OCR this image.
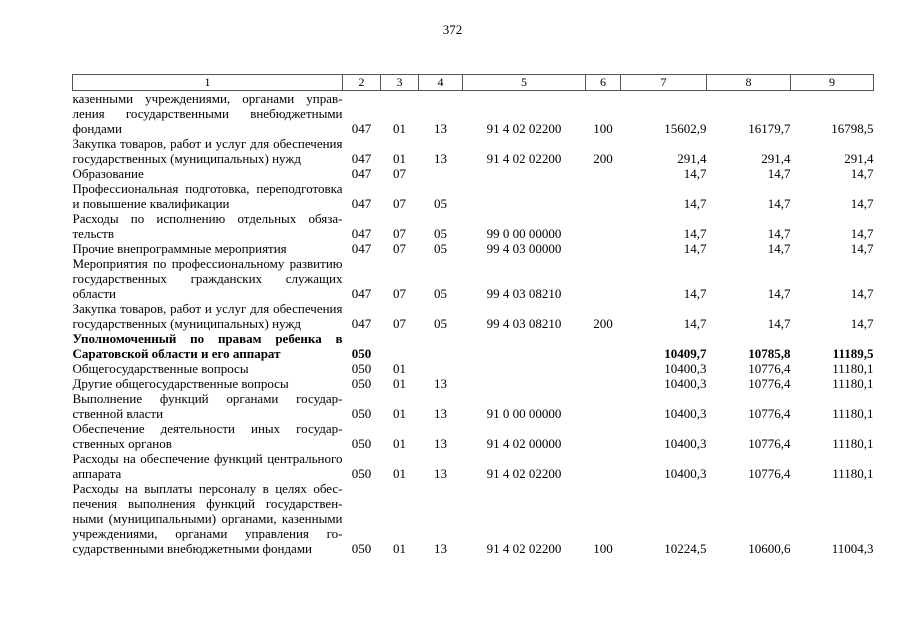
372
1	2	3	4	5	6	7	8	9
казенными учреждениями, органами управления государственными внебюджетными фондами	047	01	13	91 4 02 02200	100	15602,9	16179,7	16798,5
Закупка товаров, работ и услуг для обеспечения государственных (муниципальных) нужд	047	01	13	91 4 02 02200	200	291,4	291,4	291,4
Образование	047	07				14,7	14,7	14,7
Профессиональная подготовка, переподготовка и повышение квалификации	047	07	05			14,7	14,7	14,7
Расходы по исполнению отдельных обязательств	047	07	05	99 0 00 00000		14,7	14,7	14,7
Прочие внепрограммные мероприятия	047	07	05	99 4 03 00000		14,7	14,7	14,7
Мероприятия по профессиональному развитию государственных гражданских служащих области	047	07	05	99 4 03 08210		14,7	14,7	14,7
Закупка товаров, работ и услуг для обеспечения государственных (муниципальных) нужд	047	07	05	99 4 03 08210	200	14,7	14,7	14,7
Уполномоченный по правам ребенка в Саратовской области и его аппарат	050					10409,7	10785,8	11189,5
Общегосударственные вопросы	050	01				10400,3	10776,4	11180,1
Другие общегосударственные вопросы	050	01	13			10400,3	10776,4	11180,1
Выполнение функций органами государственной власти	050	01	13	91 0 00 00000		10400,3	10776,4	11180,1
Обеспечение деятельности иных государственных органов	050	01	13	91 4 02 00000		10400,3	10776,4	11180,1
Расходы на обеспечение функций центрального аппарата	050	01	13	91 4 02 02200		10400,3	10776,4	11180,1
Расходы на выплаты персоналу в целях обеспечения выполнения функций государственными (муниципальными) органами, казенными учреждениями, органами управления государственными внебюджетными фондами	050	01	13	91 4 02 02200	100	10224,5	10600,6	11004,3
